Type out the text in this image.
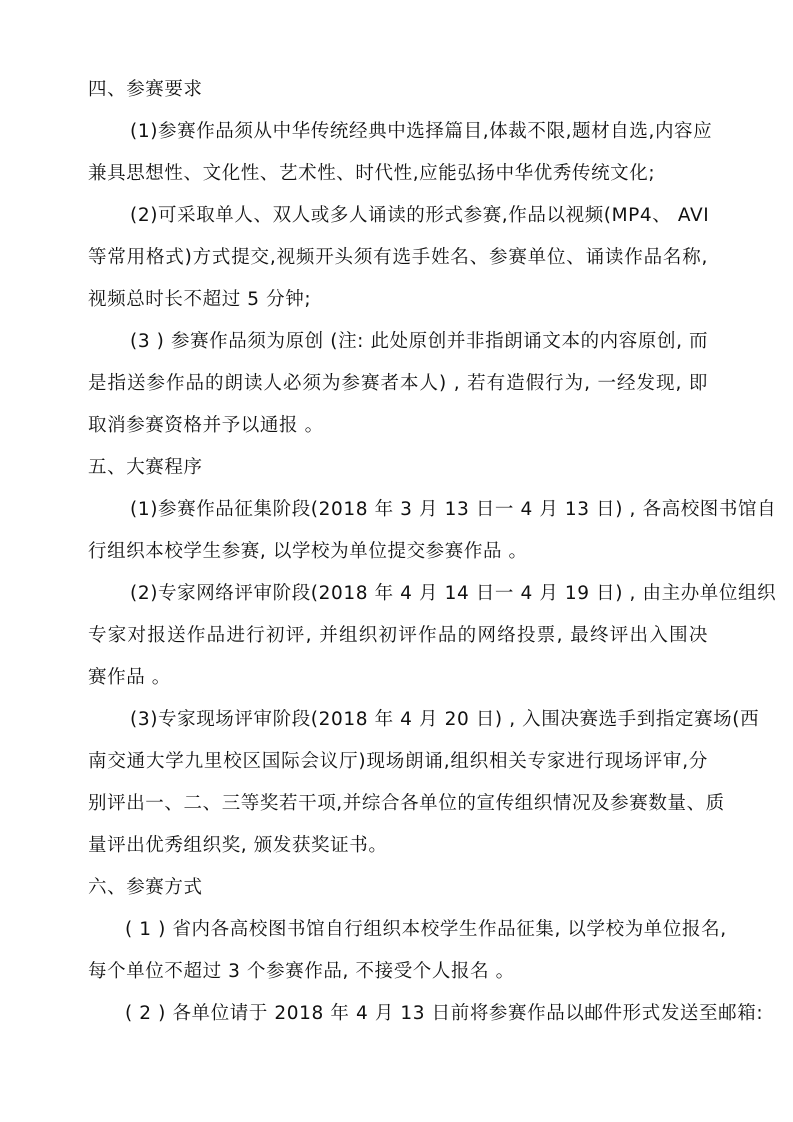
四、参赛要求
(1)参赛作品须从中华传统经典中选择篇目,体裁不限,题材自选,内容应
兼具思想性、文化性、艺术性、时代性,应能弘扬中华优秀传统文化;
(2)可采取单人、双人或多人诵读的形式参赛,作品以视频(MP4、 AVI
等常用格式)方式提交,视频开头须有选手姓名、参赛单位、诵读作品名称,
视频总时长不超过 5 分钟;
(3 ) 参赛作品须为原创 (注: 此处原创并非指朗诵文本的内容原创, 而
是指送参作品的朗读人必须为参赛者本人) , 若有造假行为, 一经发现, 即
取消参赛资格并予以通报 。
五、大赛程序
(1)参赛作品征集阶段(2018 年 3 月 13 日一 4 月 13 日) , 各高校图书馆自
行组织本校学生参赛, 以学校为单位提交参赛作品 。
(2)专家网络评审阶段(2018 年 4 月 14 日一 4 月 19 日) , 由主办单位组织
专家对报送作品进行初评, 并组织初评作品的网络投票, 最终评出入围决
赛作品 。
(3)专家现场评审阶段(2018 年 4 月 20 日) , 入围决赛选手到指定赛场(西
南交通大学九里校区国际会议厅)现场朗诵,组织相关专家进行现场评审,分
别评出一、二、三等奖若干项,并综合各单位的宣传组织情况及参赛数量、质
量评出优秀组织奖, 颁发获奖证书。
六、参赛方式
( 1 ) 省内各高校图书馆自行组织本校学生作品征集, 以学校为单位报名,
每个单位不超过 3 个参赛作品, 不接受个人报名 。
( 2 ) 各单位请于 2018 年 4 月 13 日前将参赛作品以邮件形式发送至邮箱:
